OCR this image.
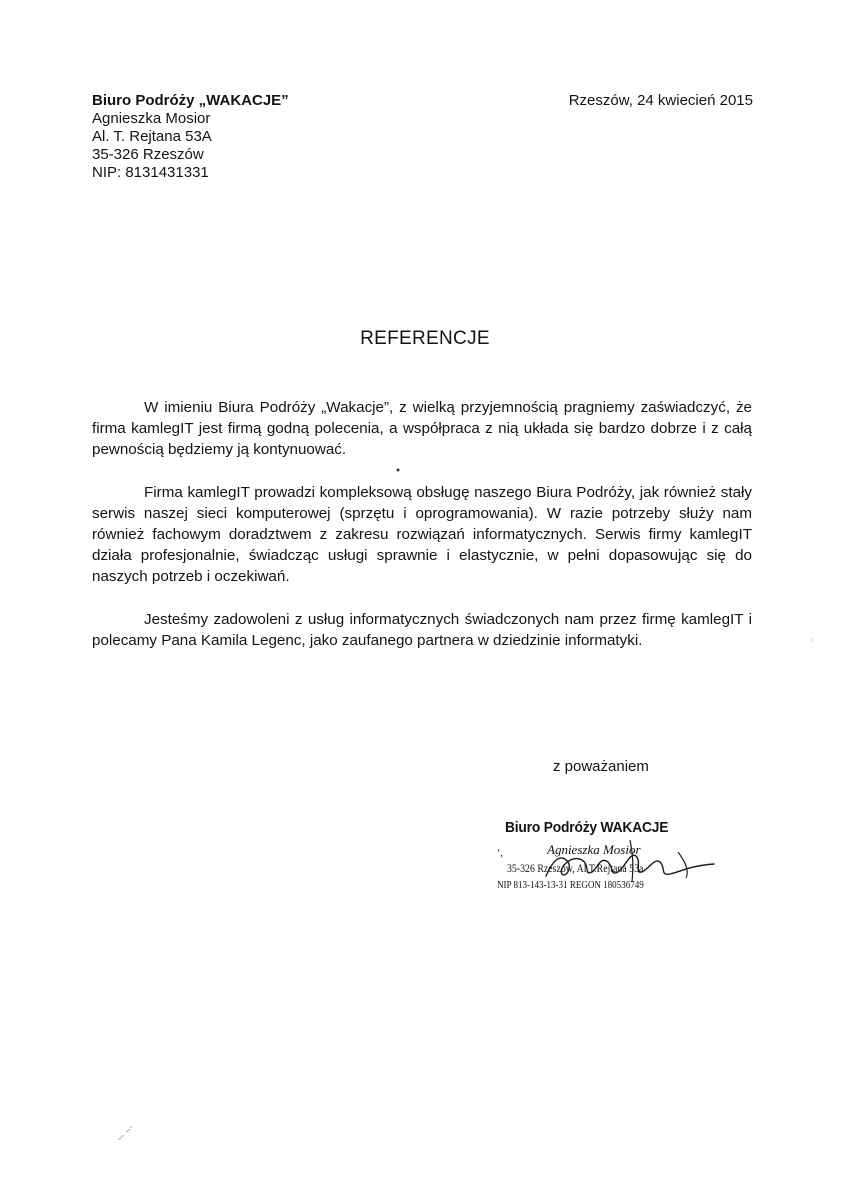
Biuro Podróży „WAKACJE”
Agnieszka Mosior
Al. T. Rejtana 53A
35-326 Rzeszów
NIP: 8131431331
Rzeszów, 24 kwiecień 2015
REFERENCJE

W imieniu Biura Podróży „Wakacje”, z wielką przyjemnością pragniemy zaświadczyć, że firma kamlegIT jest firmą godną polecenia, a współpraca z nią układa się bardzo dobrze i z całą pewnością będziemy ją kontynuować.

Firma kamlegIT prowadzi kompleksową obsługę naszego Biura Podróży, jak również stały serwis naszej sieci komputerowej (sprzętu i oprogramowania). W razie potrzeby służy nam również fachowym doradztwem z zakresu rozwiązań informatycznych. Serwis firmy kamlegIT działa profesjonalnie, świadcząc usługi sprawnie i elastycznie, w pełni dopasowując się do naszych potrzeb i oczekiwań.

Jesteśmy zadowoleni z usług informatycznych świadczonych nam przez firmę kamlegIT i polecamy Pana Kamila Legenc, jako zaufanego partnera w dziedzinie informatyki.

z poważaniem
Biuro Podróży WAKACJE
ʻ,	Agnieszka Mosior
35-326 Rzeszów, Al.T.Rejtana 53a
NIP 813-143-13-31 REGON 180536749
